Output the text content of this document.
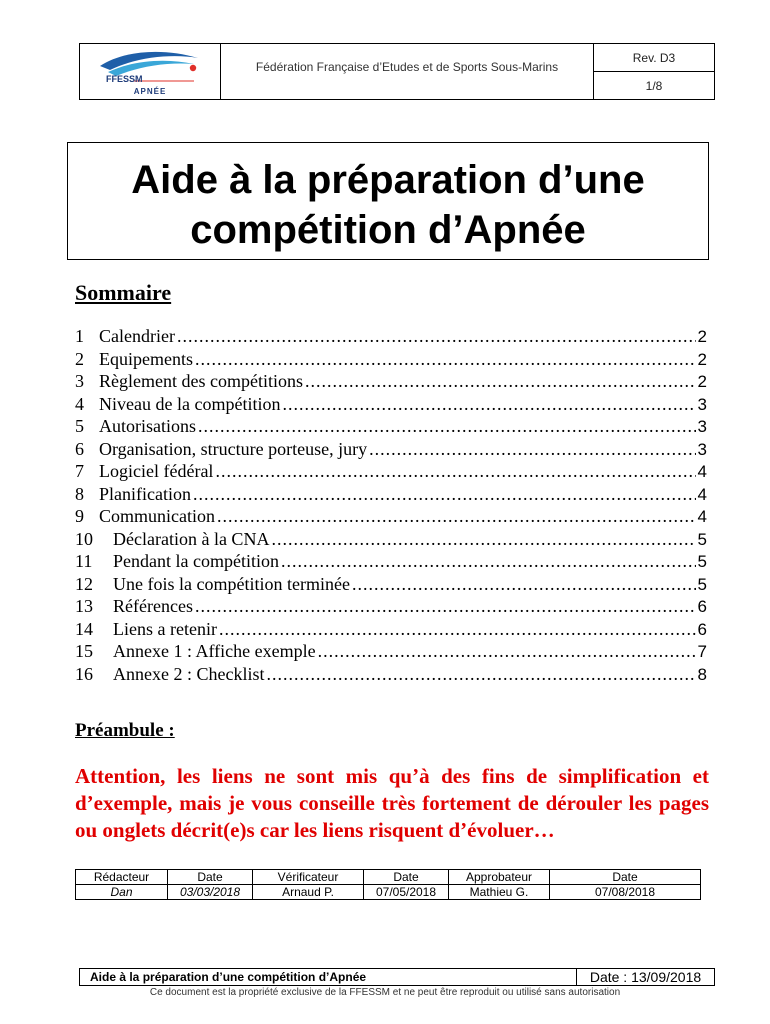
FFESSM
APNÉE
Fédération Française d’Etudes et de Sports Sous-Marins
Rev. D3
1/8
Aide à la préparation d’une
compétition d’Apnée
Sommaire
1 Calendrier .....	2
2 Equipements .....	2
3 Règlement des compétitions .....	2
4 Niveau de la compétition .....	3
5 Autorisations .....	3
6 Organisation, structure porteuse, jury .....	3
7 Logiciel fédéral .....	4
8 Planification .....	4
9 Communication .....	4
10	Déclaration à la CNA .....	5
11	Pendant la compétition .....	5
12	Une fois la compétition terminée .....	5
13	Références .....	6
14	Liens a retenir .....	6
15	Annexe 1 : Affiche exemple .....	7
16	Annexe 2 : Checklist .....	8
Préambule :
Attention, les liens ne sont mis qu’à des fins de simplification et d’exemple, mais je vous conseille très fortement de dérouler les pages ou onglets décrit(e)s car les liens risquent d’évoluer…
Rédacteur	Date	Vérificateur	Date	Approbateur	Date
Dan	03/03/2018	Arnaud P.	07/05/2018	Mathieu G.	07/08/2018
Aide à la préparation d’une compétition d’Apnée	Date : 13/09/2018
Ce document est la propriété exclusive de la FFESSM et ne peut être reproduit ou utilisé sans autorisation
